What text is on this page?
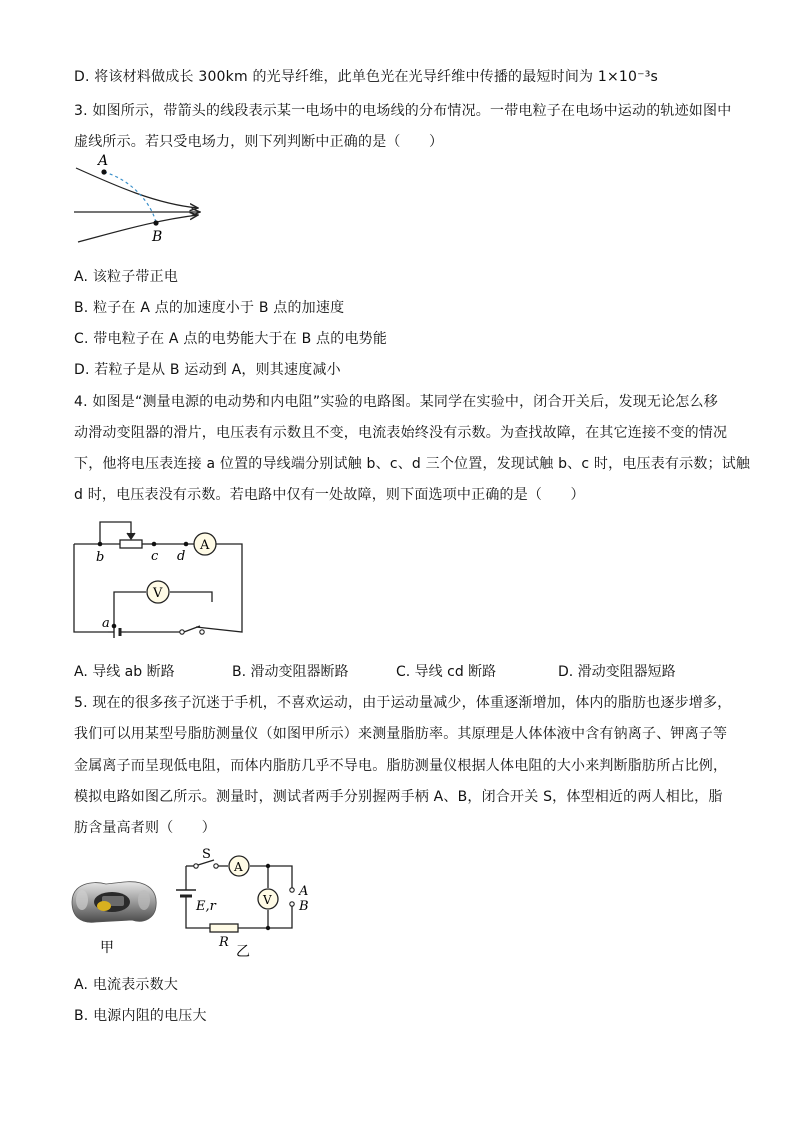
D. 将该材料做成长 300km 的光导纤维，此单色光在光导纤维中传播的最短时间为 1×10⁻³s
3. 如图所示，带箭头的线段表示某一电场中的电场线的分布情况。一带电粒子在电场中运动的轨迹如图中
虚线所示。若只受电场力，则下列判断中正确的是（　　）
A
B
A. 该粒子带正电
B. 粒子在 A 点的加速度小于 B 点的加速度
C. 带电粒子在 A 点的电势能大于在 B 点的电势能
D. 若粒子是从 B 运动到 A，则其速度减小
4. 如图是“测量电源的电动势和内电阻”实验的电路图。某同学在实验中，闭合开关后，发现无论怎么移
动滑动变阻器的滑片，电压表有示数且不变，电流表始终没有示数。为查找故障，在其它连接不变的情况
下，他将电压表连接 a 位置的导线端分别试触 b、c、d 三个位置，发现试触 b、c 时，电压表有示数；试触
d 时，电压表没有示数。若电路中仅有一处故障，则下面选项中正确的是（　　）
A
V
b	c d
a
A. 导线 ab 断路	B. 滑动变阻器断路	C. 导线 cd 断路	D. 滑动变阻器短路
5. 现在的很多孩子沉迷于手机，不喜欢运动，由于运动量减少，体重逐渐增加，体内的脂肪也逐步增多，
我们可以用某型号脂肪测量仪（如图甲所示）来测量脂肪率。其原理是人体体液中含有钠离子、钾离子等
金属离子而呈现低电阻，而体内脂肪几乎不导电。脂肪测量仪根据人体电阻的大小来判断脂肪所占比例，
模拟电路如图乙所示。测量时，测试者两手分别握两手柄 A、B，闭合开关 S，体型相近的两人相比，脂
肪含量高者则（　　）
甲
A
V
S
E,r
R
A
B
乙
A. 电流表示数大
B. 电源内阻的电压大
